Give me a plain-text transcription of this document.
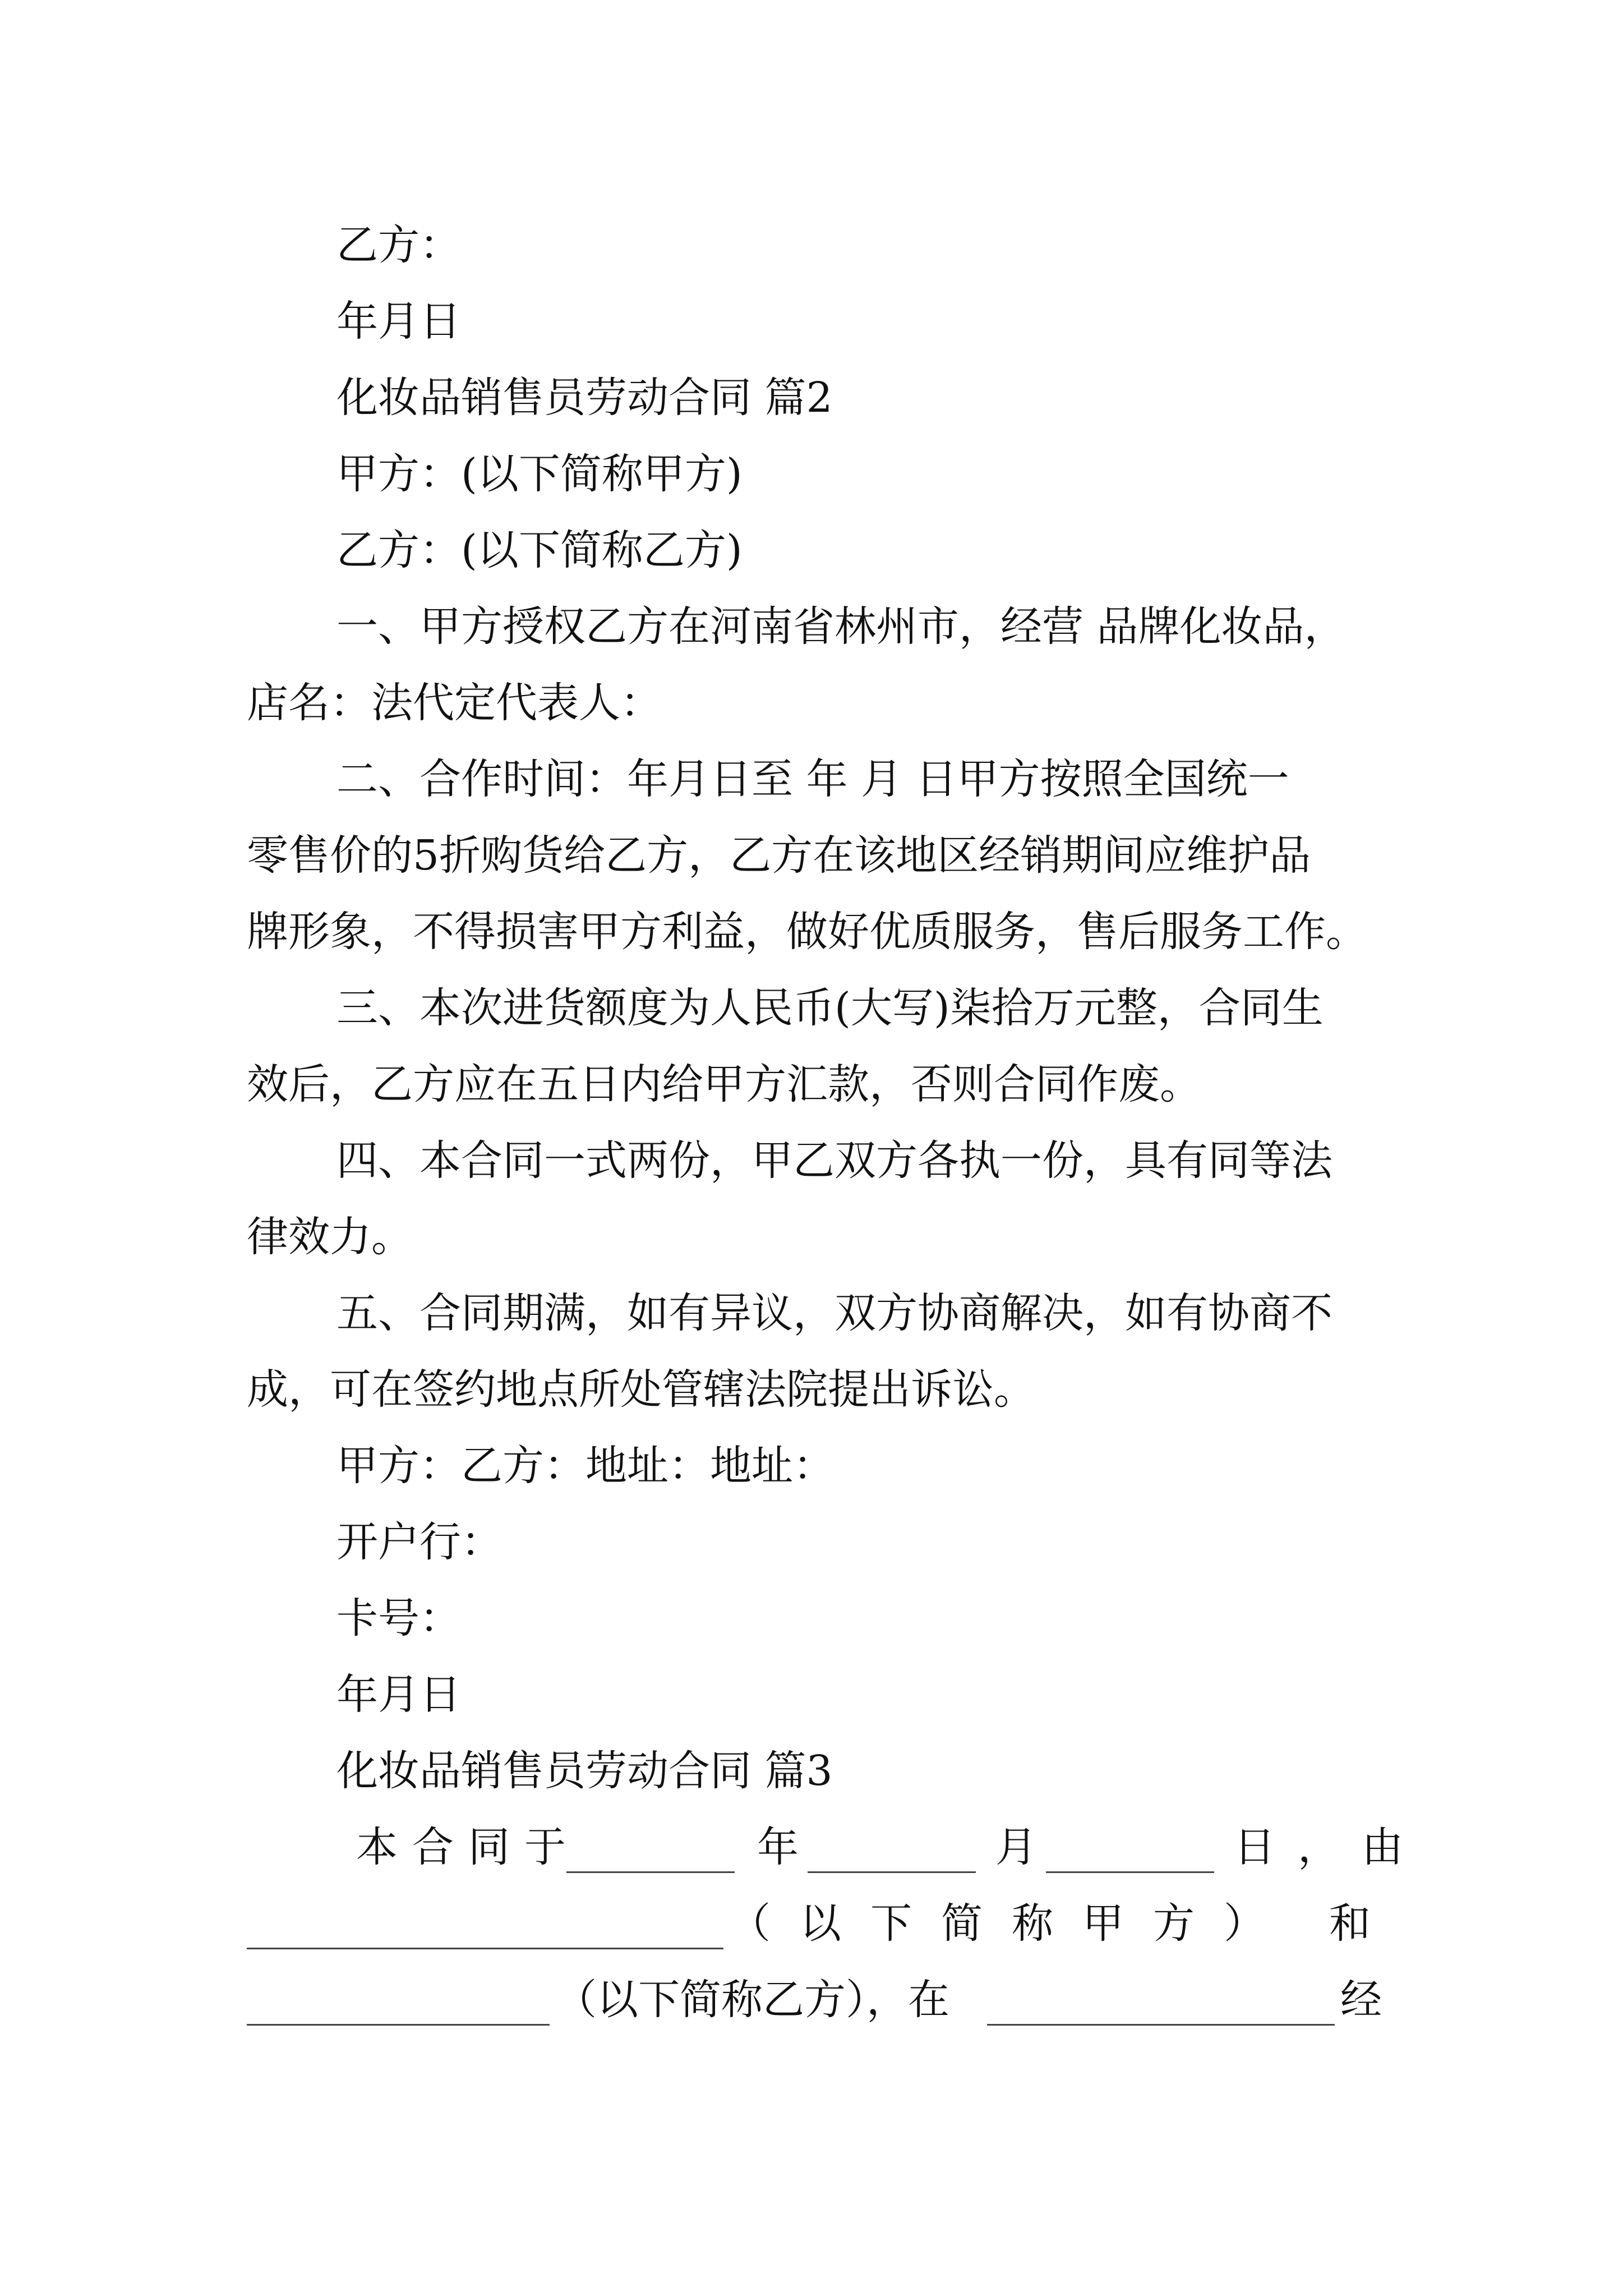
乙方：
年月日
化妆品销售员劳动合同 篇2
甲方：(以下简称甲方)
乙方：(以下简称乙方)
一、甲方授权乙方在河南省林州市，经营 品牌化妆品，
店名：法代定代表人：
二、合作时间：年月日至 年 月 日甲方按照全国统一
零售价的5折购货给乙方，乙方在该地区经销期间应维护品
牌形象，不得损害甲方利益，做好优质服务，售后服务工作。
三、本次进货额度为人民币(大写)柒拾万元整，合同生
效后，乙方应在五日内给甲方汇款，否则合同作废。
四、本合同一式两份，甲乙双方各执一份，具有同等法
律效力。
五、合同期满，如有异议，双方协商解决，如有协商不
成，可在签约地点所处管辖法院提出诉讼。
甲方：乙方：地址：地址：
开户行：
卡号：
年月日
化妆品销售员劳动合同 篇3
本合同于	年	月	日，由
（以下简称甲方） 和
（以下简称乙方），在	经
